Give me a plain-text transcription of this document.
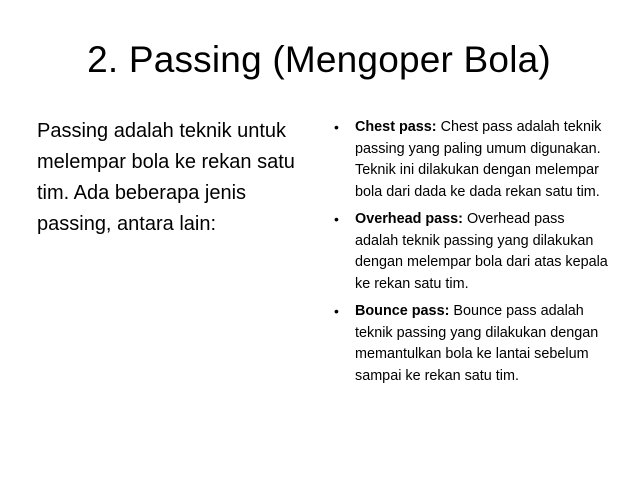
2. Passing (Mengoper Bola)
Passing adalah teknik untuk melempar bola ke rekan satu tim. Ada beberapa jenis passing, antara lain:
• Chest pass: Chest pass adalah teknik passing yang paling umum digunakan. Teknik ini dilakukan dengan melempar bola dari dada ke dada rekan satu tim.
• Overhead pass: Overhead pass adalah teknik passing yang dilakukan dengan melempar bola dari atas kepala ke rekan satu tim.
• Bounce pass: Bounce pass adalah teknik passing yang dilakukan dengan memantulkan bola ke lantai sebelum sampai ke rekan satu tim.
